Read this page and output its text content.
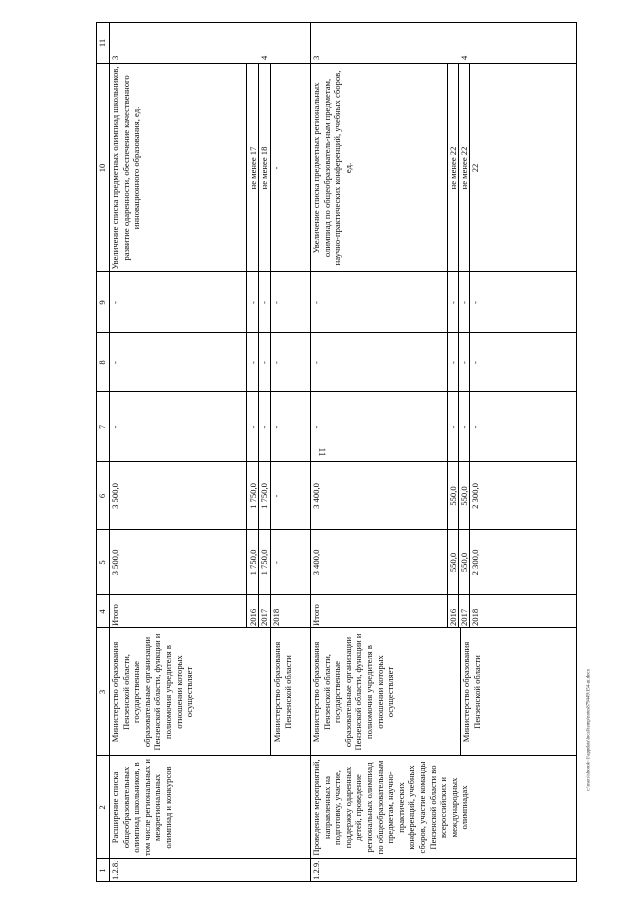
11
c:\users\sborok~1\appdata\local\temp\notes879449\154-ш.docx
1
2
3
4
5
6
7
8
9
10
11
1.2.8.
Расширение списка общеобразовательных олимпиад школьников, в том числе региональных и межрегиональных олимпиад и конкурсов
Министерство образования Пензенской области, государственные образовательные организации Пензенской области, функции и полномочия учредителя в отношении которых осуществляет	Министерство образования Пензенской области
Итого
3 500,0
3 500,0
-
-
-
Увеличение списка предметных олимпиад школьников, развитие одаренности, обеспечение качественного инновационного образования, ед.
3
2016
1 750,0
1 750,0
-
-
-
не менее 17
2017
1 750,0
1 750,0
-
-
-
не менее 18
4
2018
-
-
-
-
-
-
1.2.9.
Проведение мероприятий, направленных на подготовку, участие, поддержку одаренных детей, проведение региональных олимпиад по общеобразовательным предметам, научно-практических конференций, учебных сборов, участие команды Пензенской области во всероссийских и международных олимпиадах
Министерство образования Пензенской области, государственные образовательные организации Пензенской области, функции и полномочия учредителя в отношении которых осуществляет	Министерство образования Пензенской области
Итого
3 400,0
3 400,0
-
-
-
Увеличение списка предметных региональных олимпиад по общеобразователь-ным предметам, научно-практических конференций, учебных сборов, ед.
3
2016
550,0
550,0
-
-
-
не менее 22
2017
550,0
550,0
-
-
-
не менее 22
4
2018
2 300,0
2 300,0
-
-
-
22
